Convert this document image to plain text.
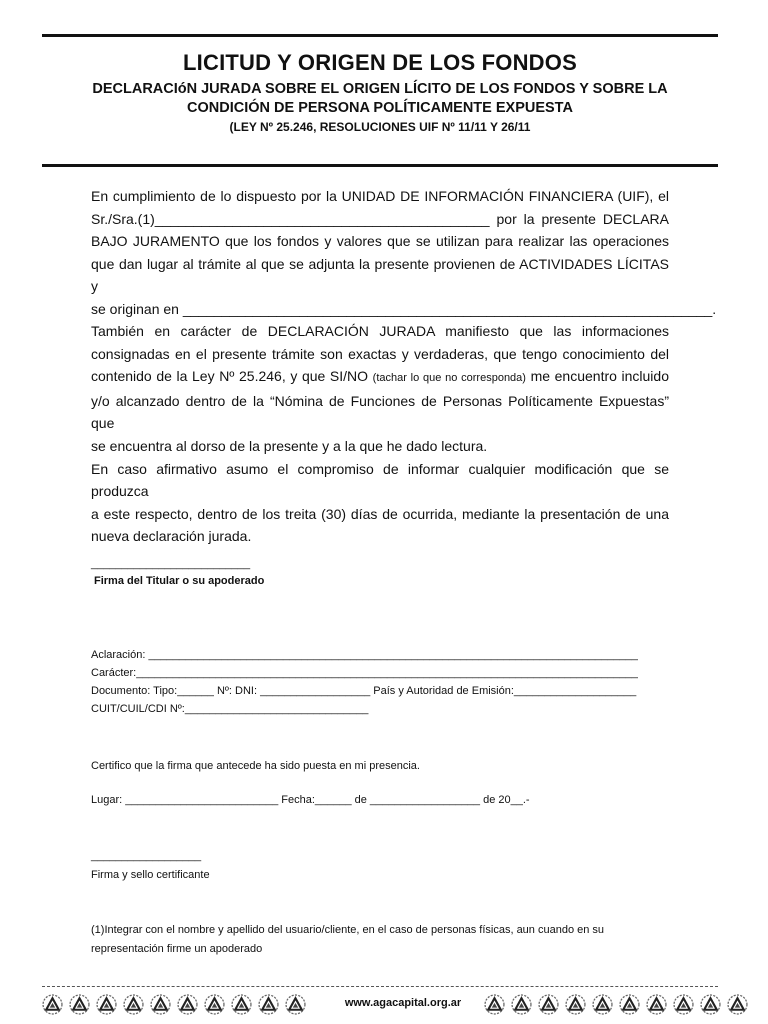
LICITUD Y ORIGEN DE LOS FONDOS
DECLARACIóN JURADA SOBRE EL ORIGEN LÍCITO DE LOS FONDOS Y SOBRE LA
CONDICIÓN DE PERSONA POLÍTICAMENTE EXPUESTA
(LEY Nº 25.246, RESOLUCIONES UIF Nº 11/11 Y 26/11
En cumplimiento de lo dispuesto por la UNIDAD DE INFORMACIÓN FINANCIERA (UIF), el
Sr./Sra.(1)___________________________________________ por la presente DECLARA
BAJO JURAMENTO que los fondos y valores que se utilizan para realizar las operaciones
que dan lugar al trámite al que se adjunta la presente provienen de ACTIVIDADES LÍCITAS y
se originan en ____________________________________________________________________.
También en carácter de DECLARACIÓN JURADA manifiesto que las informaciones
consignadas en el presente trámite son exactas y verdaderas, que tengo conocimiento del
contenido de la Ley Nº 25.246, y que SI/NO (tachar lo que no corresponda) me encuentro incluido
y/o alcanzado dentro de la “Nómina de Funciones de Personas Políticamente Expuestas” que
se encuentra al dorso de la presente y a la que he dado lectura.
En caso afirmativo asumo el compromiso de informar cualquier modificación que se produzca
a este respecto, dentro de los treita (30) días de ocurrida, mediante la presentación de una
nueva declaración jurada.
__________________________
Firma del Titular o su apoderado
Aclaración: ________________________________________________________________________________
Carácter:__________________________________________________________________________________
Documento: Tipo:______ Nº: DNI: __________________ País y Autoridad de Emisión:____________________
CUIT/CUIL/CDI Nº:______________________________
Certifico que la firma que antecede ha sido puesta en mi presencia.
Lugar: _________________________ Fecha:______ de __________________ de 20__.-
__________________
Firma y sello certificante
(1)Integrar con el nombre y apellido del usuario/cliente, en el caso de personas físicas, aun cuando en su
representación firme un apoderado
www.agacapital.org.ar
